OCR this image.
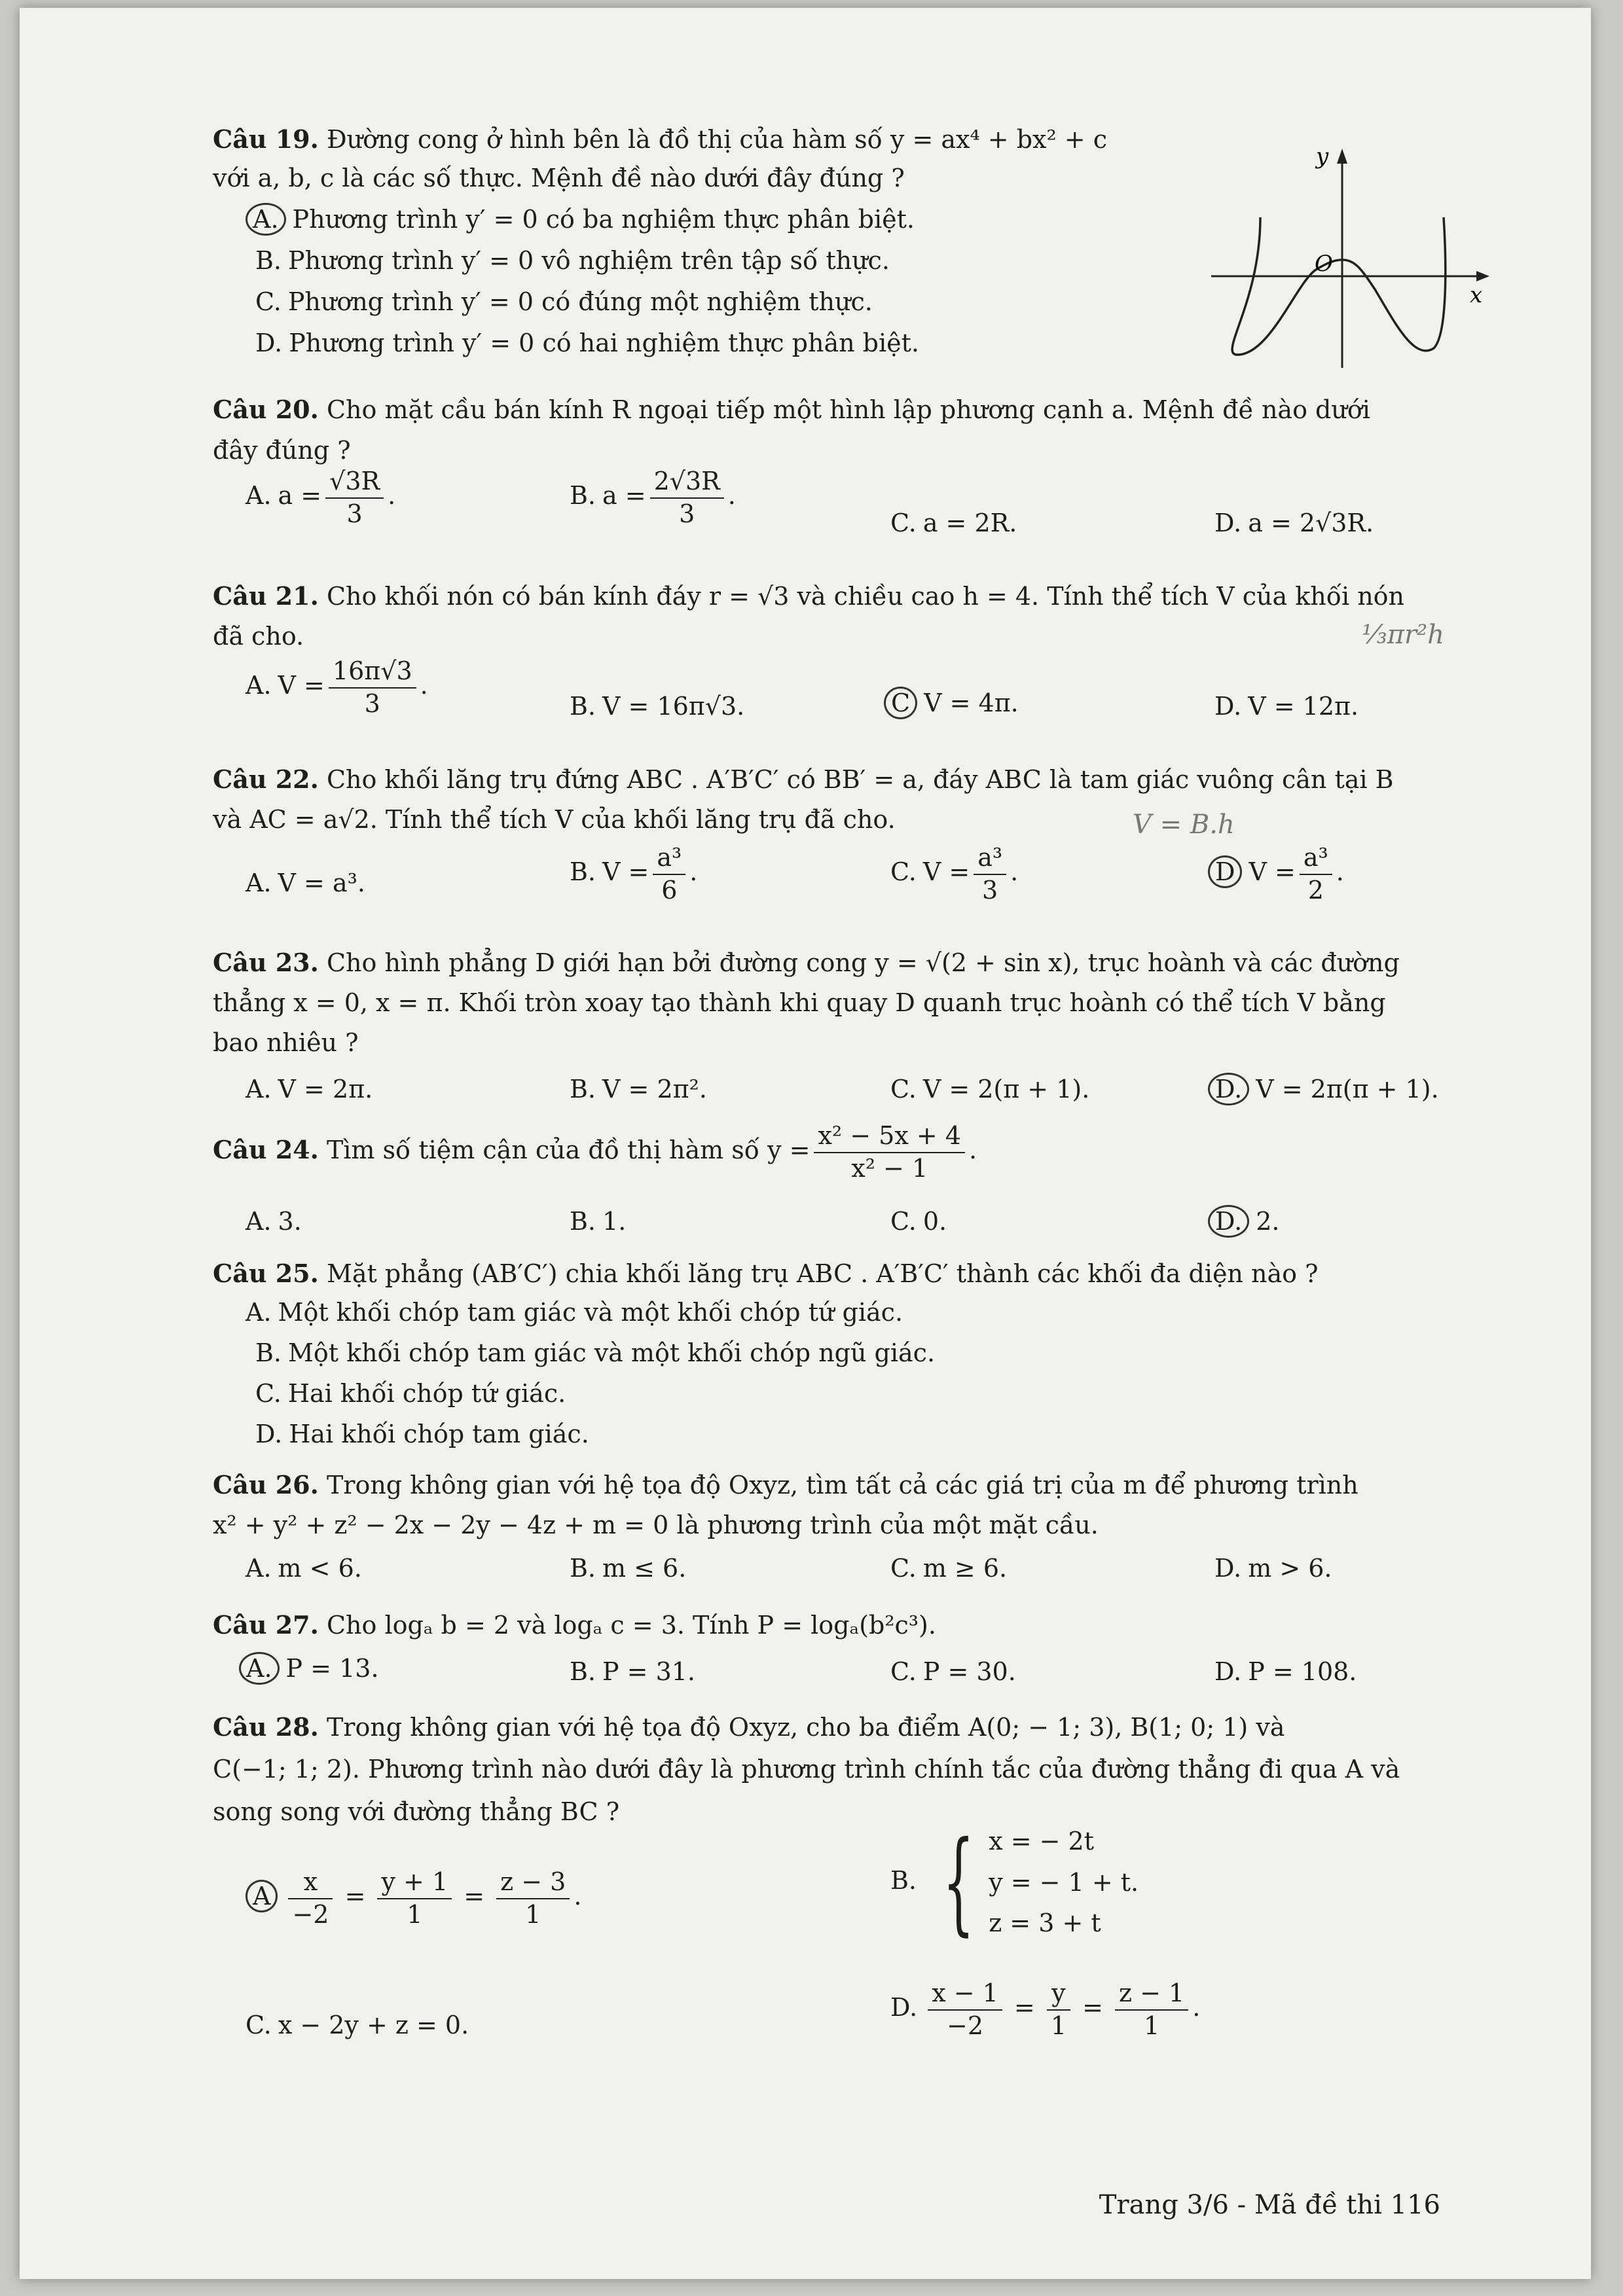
Câu 19. Đường cong ở hình bên là đồ thị của hàm số y = ax⁴ + bx² + c
với a, b, c là các số thực. Mệnh đề nào dưới đây đúng ?
A. Phương trình y′ = 0 có ba nghiệm thực phân biệt.
B. Phương trình y′ = 0 vô nghiệm trên tập số thực.
C. Phương trình y′ = 0 có đúng một nghiệm thực.
D. Phương trình y′ = 0 có hai nghiệm thực phân biệt.
y
x
O
Câu 20. Cho mặt cầu bán kính R ngoại tiếp một hình lập phương cạnh a. Mệnh đề nào dưới
đây đúng ?
A. $a = \frac{√3R}{3}$ .	B. $a = \frac{2√3R}{3}$ .
C. a = 2R.	D. a = 2√3R.
Câu 21. Cho khối nón có bán kính đáy r = √3 và chiều cao h = 4. Tính thể tích V của khối nón
đã cho.	⅓πr²h
A. $V = \frac{16\pi√3}{3}$ .
B. V = 16π√3.	C V = 4π.	D. V = 12π.
Câu 22. Cho khối lăng trụ đứng ABC . A′B′C′ có BB′ = a, đáy ABC là tam giác vuông cân tại B
và AC = a√2. Tính thể tích V của khối lăng trụ đã cho.	V = B.h
A. V = a³.	B. $V = \frac{\text{a³}}{6}$ .	C. $V = \frac{\text{a³}}{3}$ .	D $V = \frac{\text{a³}}{2}$ .
Câu 23. Cho hình phẳng D giới hạn bởi đường cong y = √(2 + sin x), trục hoành và các đường
thẳng x = 0, x = π. Khối tròn xoay tạo thành khi quay D quanh trục hoành có thể tích V bằng
bao nhiêu ?
A. V = 2π.	B. V = 2π².	C. V = 2(π + 1).	D. V = 2π(π + 1).
Câu 24. Tìm số tiệm cận của đồ thị hàm số $y = \frac{\text{x² − 5x + 4}}{\text{x² − 1}}$ .
A. 3.	B. 1.	C. 0.	D. 2.
Câu 25. Mặt phẳng (AB′C′) chia khối lăng trụ ABC . A′B′C′ thành các khối đa diện nào ?
A. Một khối chóp tam giác và một khối chóp tứ giác.
B. Một khối chóp tam giác và một khối chóp ngũ giác.
C. Hai khối chóp tứ giác.
D. Hai khối chóp tam giác.
Câu 26. Trong không gian với hệ tọa độ Oxyz, tìm tất cả các giá trị của m để phương trình
x² + y² + z² − 2x − 2y − 4z + m = 0 là phương trình của một mặt cầu.
A. m < 6.	B. m ≤ 6.	C. m ≥ 6.	D. m > 6.
Câu 27. Cho logₐ b = 2 và logₐ c = 3. Tính P = logₐ(b²c³).
A. P = 13.	B. P = 31.	C. P = 30.	D. P = 108.
Câu 28. Trong không gian với hệ tọa độ Oxyz, cho ba điểm A(0; − 1; 3), B(1; 0; 1) và
C(−1; 1; 2). Phương trình nào dưới đây là phương trình chính tắc của đường thẳng đi qua A và
song song với đường thẳng BC ?
A $\frac{x}{-2} = \frac{y + 1}{1} = \frac{z - 3}{1}$ .
B. { x = − 2t
y = − 1 + t.
z = 3 + t
C. x − 2y + z = 0.
D. $\frac{x - 1}{-2} = \frac{y}{1} = \frac{z - 1}{1}$ .
Trang 3/6 - Mã đề thi 116
